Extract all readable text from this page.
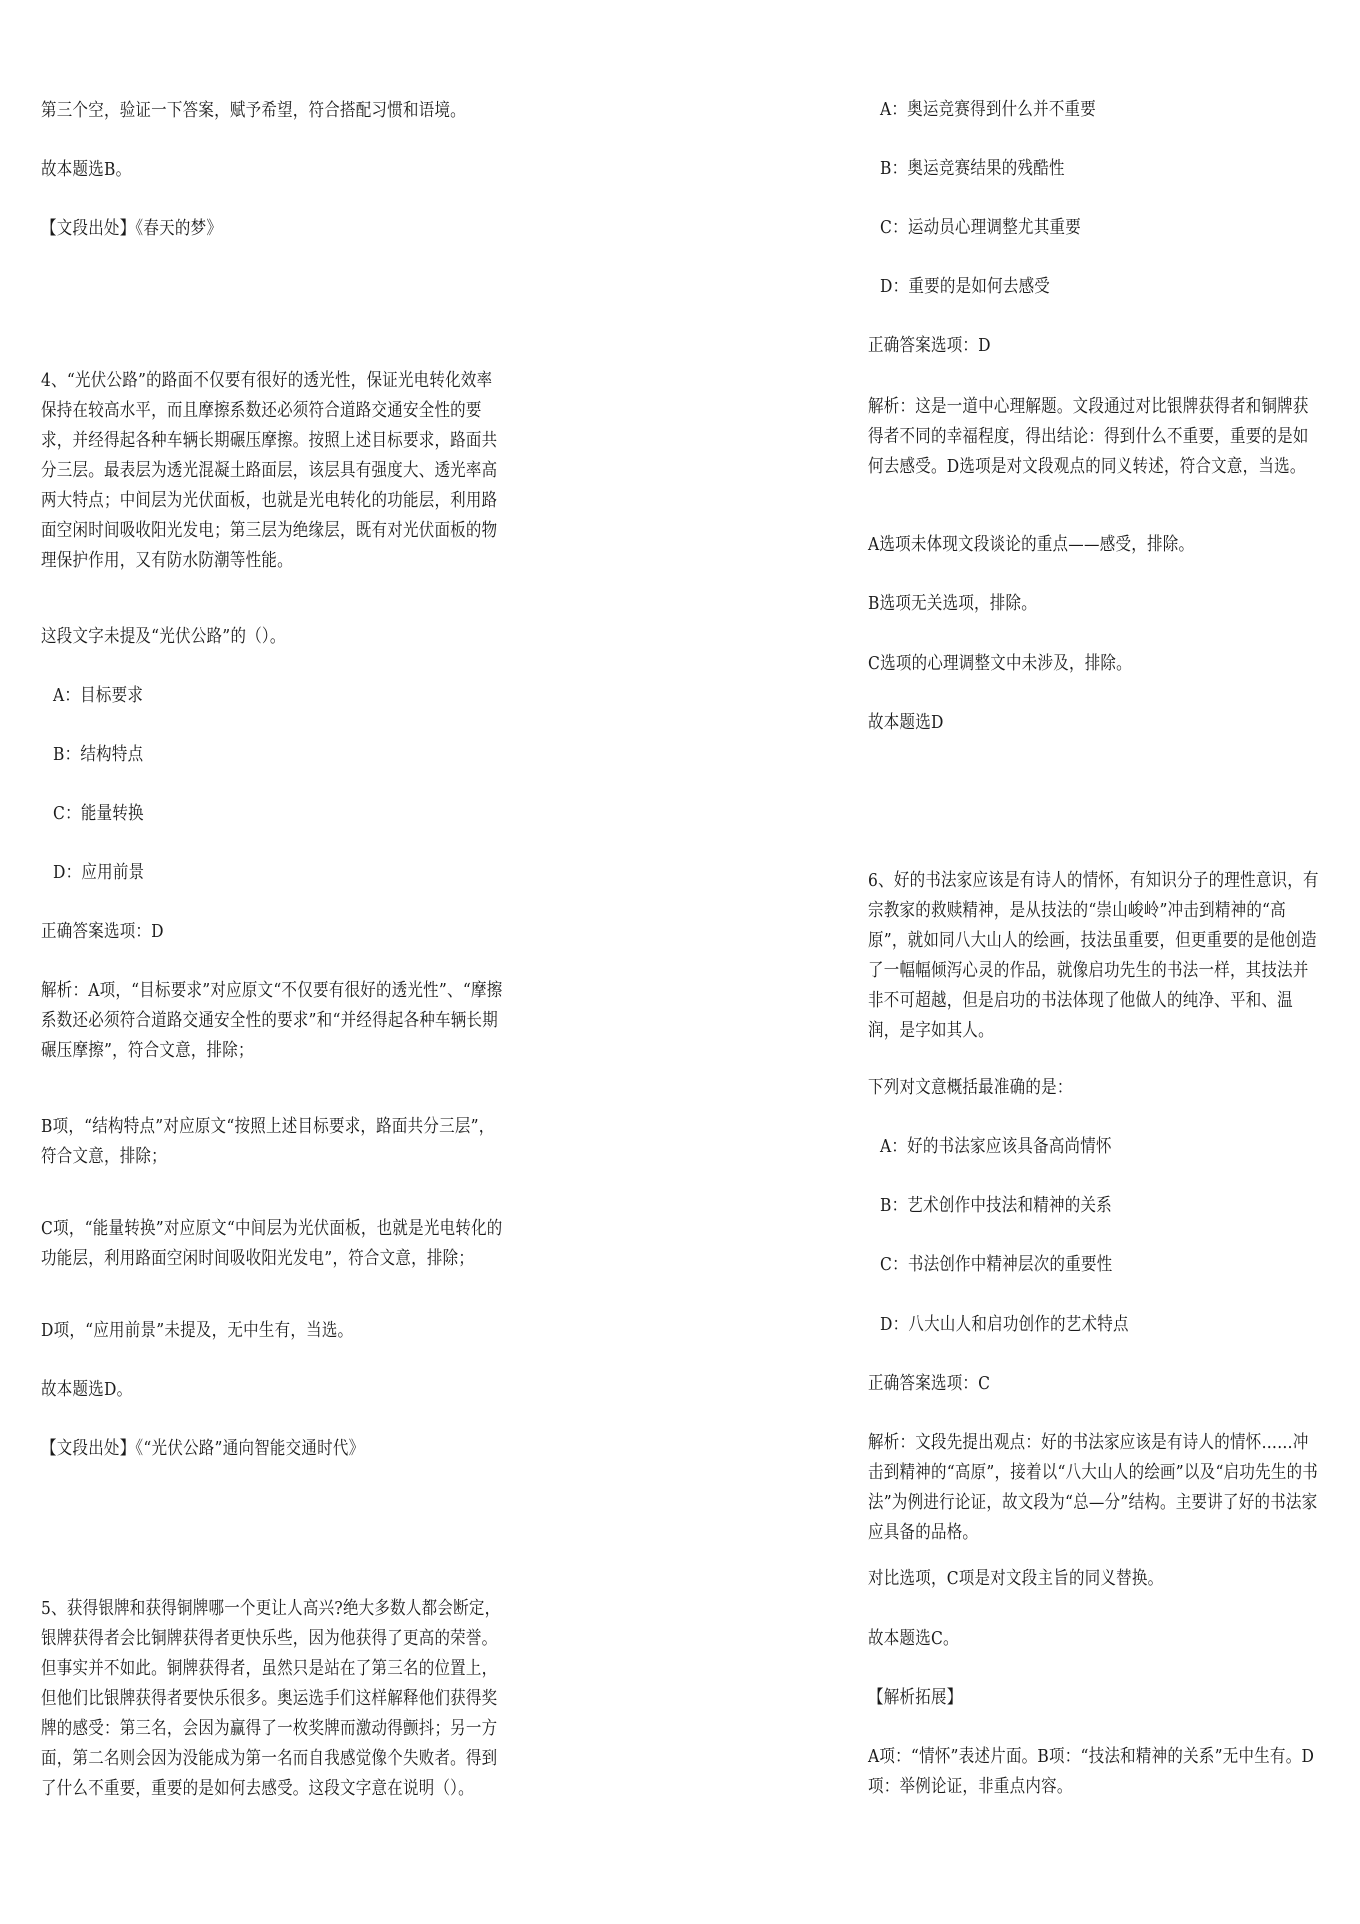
第三个空，验证一下答案，赋予希望，符合搭配习惯和语境。

故本题选B。

【文段出处】《春天的梦》

4、“光伏公路”的路面不仅要有很好的透光性，保证光电转化效率保持在较高水平，而且摩擦系数还必须符合道路交通安全性的要求，并经得起各种车辆长期碾压摩擦。按照上述目标要求，路面共分三层。最表层为透光混凝土路面层，该层具有强度大、透光率高两大特点；中间层为光伏面板，也就是光电转化的功能层，利用路面空闲时间吸收阳光发电；第三层为绝缘层，既有对光伏面板的物理保护作用，又有防水防潮等性能。

这段文字未提及“光伏公路”的（）。

A：目标要求

B：结构特点

C：能量转换

D：应用前景

正确答案选项：D

解析：A项，“目标要求”对应原文“不仅要有很好的透光性”、“摩擦系数还必须符合道路交通安全性的要求”和“并经得起各种车辆长期碾压摩擦”，符合文意，排除；

B项，“结构特点”对应原文“按照上述目标要求，路面共分三层”，符合文意，排除；

C项，“能量转换”对应原文“中间层为光伏面板，也就是光电转化的功能层，利用路面空闲时间吸收阳光发电”，符合文意，排除；

D项，“应用前景”未提及，无中生有，当选。

故本题选D。

【文段出处】《“光伏公路”通向智能交通时代》

5、获得银牌和获得铜牌哪一个更让人高兴?绝大多数人都会断定，银牌获得者会比铜牌获得者更快乐些，因为他获得了更高的荣誉。但事实并不如此。铜牌获得者，虽然只是站在了第三名的位置上，但他们比银牌获得者要快乐很多。奥运选手们这样解释他们获得奖牌的感受：第三名，会因为赢得了一枚奖牌而激动得颤抖；另一方面，第二名则会因为没能成为第一名而自我感觉像个失败者。得到了什么不重要，重要的是如何去感受。这段文字意在说明（）。

A：奥运竞赛得到什么并不重要

B：奥运竞赛结果的残酷性

C：运动员心理调整尤其重要

D：重要的是如何去感受

正确答案选项：D

解析：这是一道中心理解题。文段通过对比银牌获得者和铜牌获得者不同的幸福程度，得出结论：得到什么不重要，重要的是如何去感受。D选项是对文段观点的同义转述，符合文意，当选。

A选项未体现文段谈论的重点——感受，排除。

B选项无关选项，排除。

C选项的心理调整文中未涉及，排除。

故本题选D

6、好的书法家应该是有诗人的情怀，有知识分子的理性意识，有宗教家的救赎精神，是从技法的“崇山峻岭”冲击到精神的“高原”，就如同八大山人的绘画，技法虽重要，但更重要的是他创造了一幅幅倾泻心灵的作品，就像启功先生的书法一样，其技法并非不可超越，但是启功的书法体现了他做人的纯净、平和、温润，是字如其人。

下列对文意概括最准确的是：

A：好的书法家应该具备高尚情怀

B：艺术创作中技法和精神的关系

C：书法创作中精神层次的重要性

D：八大山人和启功创作的艺术特点

正确答案选项：C

解析：文段先提出观点：好的书法家应该是有诗人的情怀……冲击到精神的“高原”，接着以“八大山人的绘画”以及“启功先生的书法”为例进行论证，故文段为“总—分”结构。主要讲了好的书法家应具备的品格。

对比选项，C项是对文段主旨的同义替换。

故本题选C。

【解析拓展】

A项：“情怀”表述片面。B项：“技法和精神的关系”无中生有。D项：举例论证，非重点内容。
